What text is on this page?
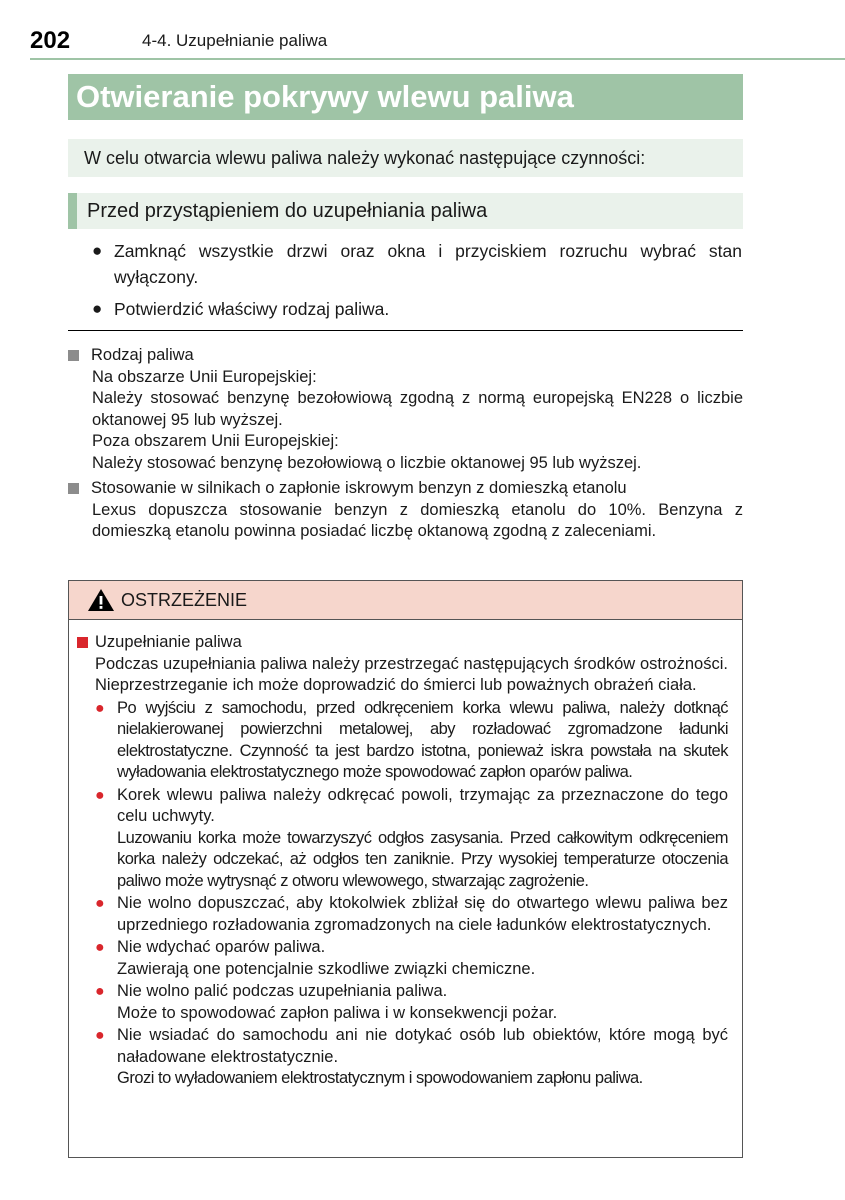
202	4-4. Uzupełnianie paliwa
Otwieranie pokrywy wlewu paliwa
W celu otwarcia wlewu paliwa należy wykonać następujące czynności:
Przed przystąpieniem do uzupełniania paliwa
● Zamknąć wszystkie drzwi oraz okna i przyciskiem rozruchu wybrać stan wyłączony.
● Potwierdzić właściwy rodzaj paliwa.
Rodzaj paliwa
Na obszarze Unii Europejskiej:
Należy stosować benzynę bezołowiową zgodną z normą europejską EN228 o liczbie oktanowej 95 lub wyższej.
Poza obszarem Unii Europejskiej:
Należy stosować benzynę bezołowiową o liczbie oktanowej 95 lub wyższej.
Stosowanie w silnikach o zapłonie iskrowym benzyn z domieszką etanolu
Lexus dopuszcza stosowanie benzyn z domieszką etanolu do 10%. Benzyna z domieszką etanolu powinna posiadać liczbę oktanową zgodną z zaleceniami.
OSTRZEŻENIE
Uzupełnianie paliwa
Podczas uzupełniania paliwa należy przestrzegać następujących środków ostrożności. Nieprzestrzeganie ich może doprowadzić do śmierci lub poważnych obrażeń ciała.
● Po wyjściu z samochodu, przed odkręceniem korka wlewu paliwa, należy dotknąć nielakierowanej powierzchni metalowej, aby rozładować zgromadzone ładunki elektrostatyczne. Czynność ta jest bardzo istotna, ponieważ iskra powstała na skutek wyładowania elektrostatycznego może spowodować zapłon oparów paliwa.
● Korek wlewu paliwa należy odkręcać powoli, trzymając za przeznaczone do tego celu uchwyty.
Luzowaniu korka może towarzyszyć odgłos zasysania. Przed całkowitym odkręceniem korka należy odczekać, aż odgłos ten zaniknie. Przy wysokiej temperaturze otoczenia paliwo może wytrysnąć z otworu wlewowego, stwarzając zagrożenie.
● Nie wolno dopuszczać, aby ktokolwiek zbliżał się do otwartego wlewu paliwa bez uprzedniego rozładowania zgromadzonych na ciele ładunków elektrostatycznych.
● Nie wdychać oparów paliwa.
Zawierają one potencjalnie szkodliwe związki chemiczne.
● Nie wolno palić podczas uzupełniania paliwa.
Może to spowodować zapłon paliwa i w konsekwencji pożar.
● Nie wsiadać do samochodu ani nie dotykać osób lub obiektów, które mogą być naładowane elektrostatycznie.
Grozi to wyładowaniem elektrostatycznym i spowodowaniem zapłonu paliwa.
